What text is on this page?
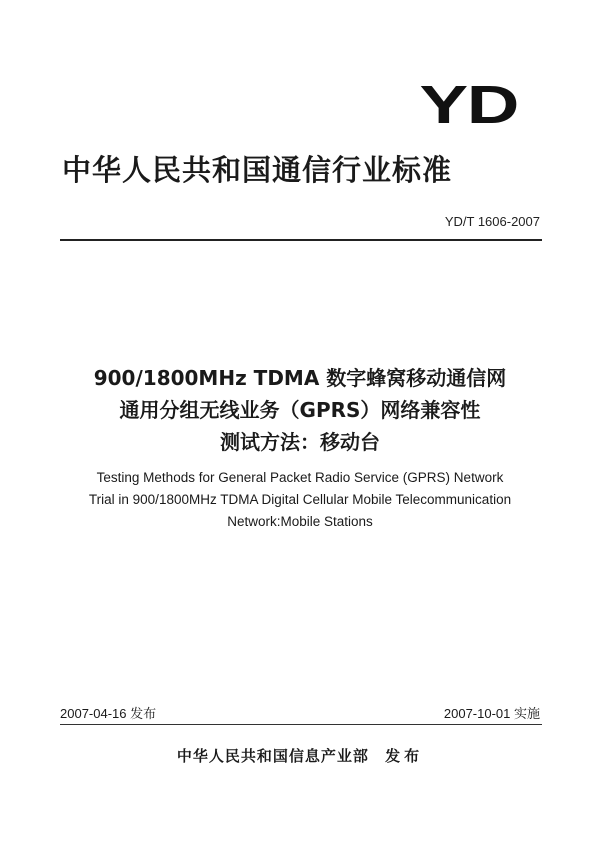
YD
中华人民共和国通信行业标准
YD/T 1606-2007
900/1800MHz TDMA 数字蜂窝移动通信网
通用分组无线业务（GPRS）网络兼容性
测试方法：移动台
Testing Methods for General Packet Radio Service (GPRS) Network
Trial in 900/1800MHz TDMA Digital Cellular Mobile Telecommunication
Network:Mobile Stations
2007-04-16 发布	2007-10-01 实施
中华人民共和国信息产业部 发布
